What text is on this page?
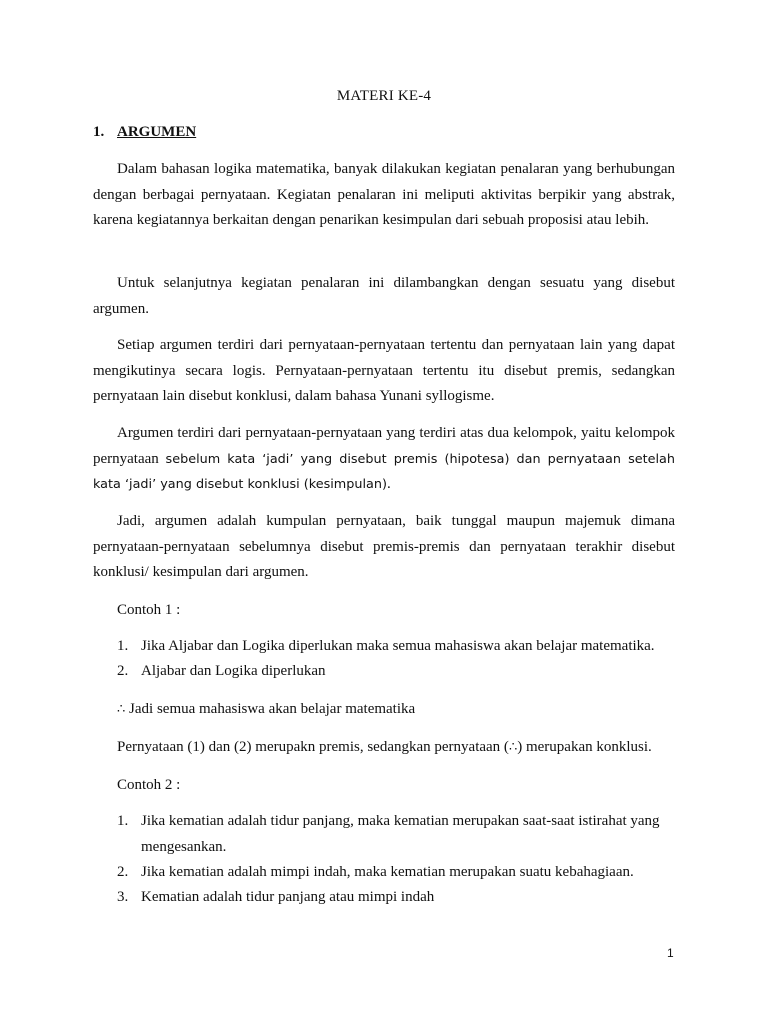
MATERI KE-4
1. ARGUMEN

Dalam bahasan logika matematika, banyak dilakukan kegiatan penalaran yang berhubungan dengan berbagai pernyataan. Kegiatan penalaran ini meliputi aktivitas berpikir yang abstrak, karena kegiatannya berkaitan dengan penarikan kesimpulan dari sebuah proposisi atau lebih.

Untuk selanjutnya kegiatan penalaran ini dilambangkan dengan sesuatu yang disebut argumen.

Setiap argumen terdiri dari pernyataan-pernyataan tertentu dan pernyataan lain yang dapat mengikutinya secara logis. Pernyataan-pernyataan tertentu itu disebut premis, sedangkan pernyataan lain disebut konklusi, dalam bahasa Yunani syllogisme.

Argumen terdiri dari pernyataan-pernyataan yang terdiri atas dua kelompok, yaitu kelompok pernyataan sebelum kata ‘jadi’ yang disebut premis (hipotesa) dan pernyataan setelah kata ‘jadi’ yang disebut konklusi (kesimpulan).

Jadi, argumen adalah kumpulan pernyataan, baik tunggal maupun majemuk dimana pernyataan-pernyataan sebelumnya disebut premis-premis dan pernyataan terakhir disebut konklusi/ kesimpulan dari argumen.

Contoh 1 :

1. Jika Aljabar dan Logika diperlukan maka semua mahasiswa akan belajar matematika.
2. Aljabar dan Logika diperlukan

∴ Jadi semua mahasiswa akan belajar matematika

Pernyataan (1) dan (2) merupakn premis, sedangkan pernyataan (∴) merupakan konklusi.

Contoh 2 :

1. Jika kematian adalah tidur panjang, maka kematian merupakan saat-saat istirahat yang mengesankan.
2. Jika kematian adalah mimpi indah, maka kematian merupakan suatu kebahagiaan.
3. Kematian adalah tidur panjang atau mimpi indah
1
